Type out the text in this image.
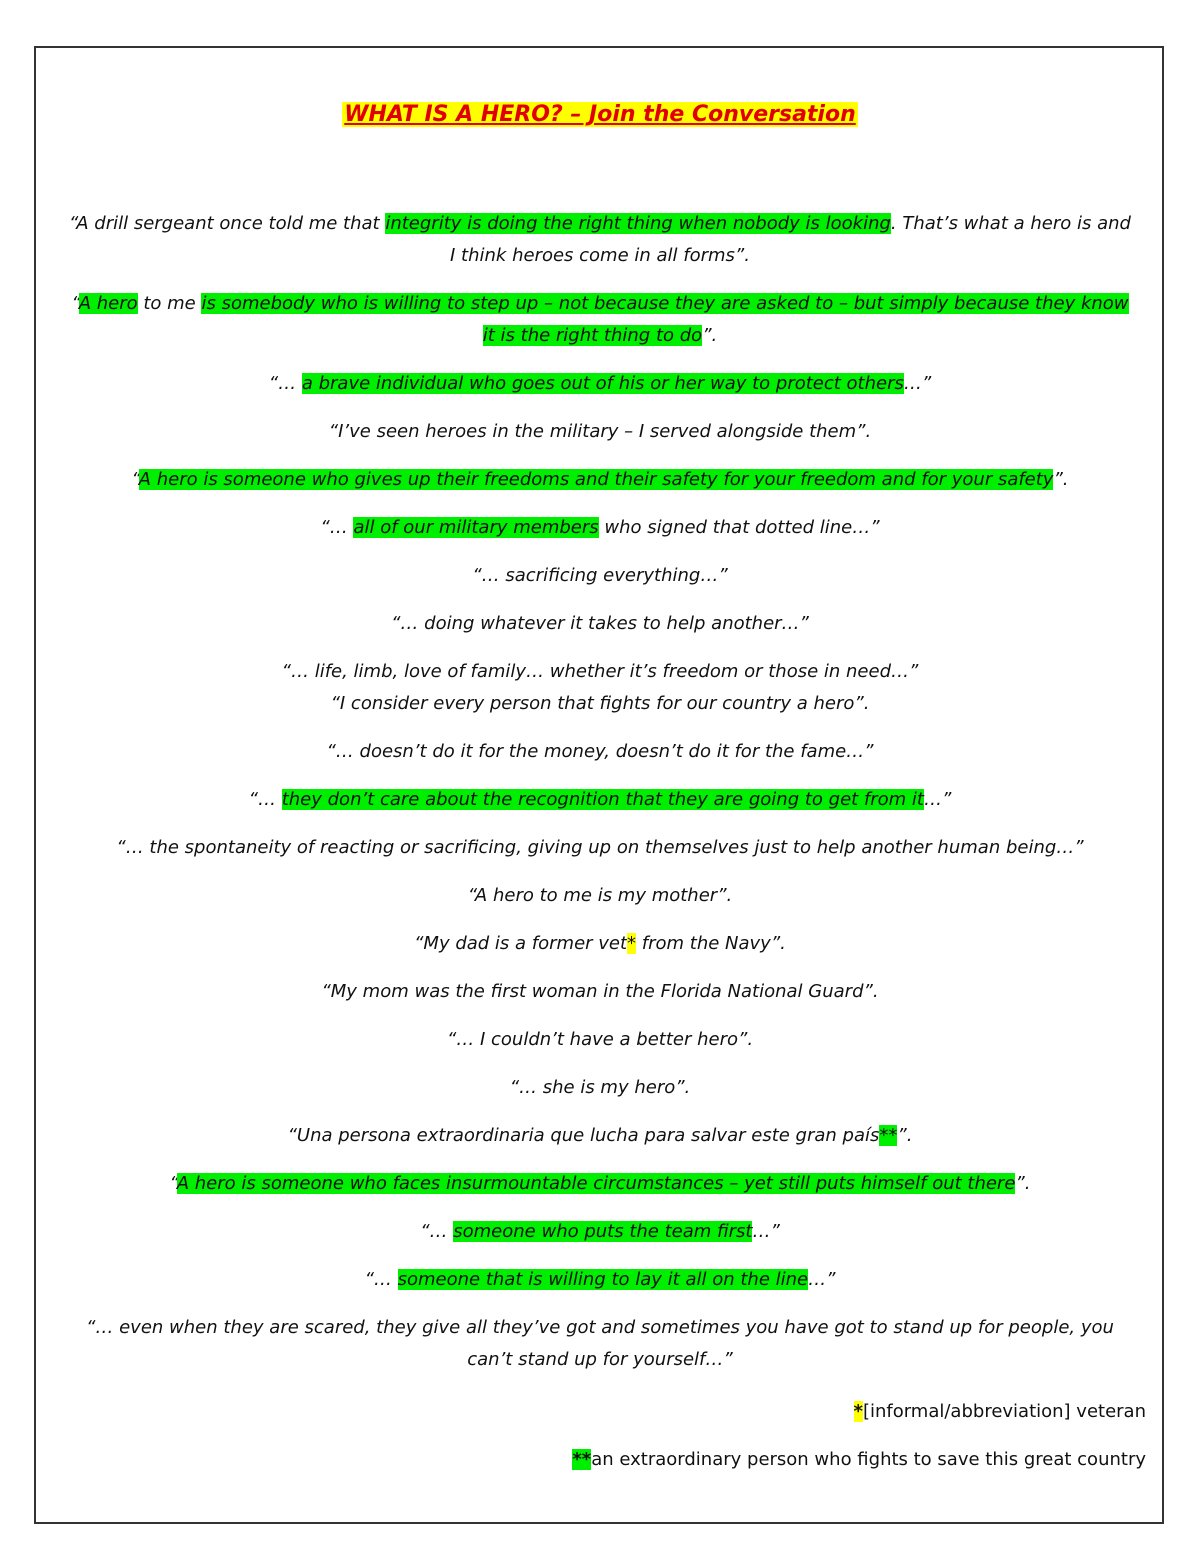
WHAT IS A HERO? – Join the Conversation
“A drill sergeant once told me that integrity is doing the right thing when nobody is looking. That’s what a hero is and I think heroes come in all forms”.
“A hero to me is somebody who is willing to step up – not because they are asked to – but simply because they know it is the right thing to do”.
“… a brave individual who goes out of his or her way to protect others…”
“I’ve seen heroes in the military – I served alongside them”.
“A hero is someone who gives up their freedoms and their safety for your freedom and for your safety”.
“… all of our military members who signed that dotted line…”
“… sacrificing everything…”
“… doing whatever it takes to help another…”
“… life, limb, love of family… whether it’s freedom or those in need…”
“I consider every person that fights for our country a hero”.
“… doesn’t do it for the money, doesn’t do it for the fame…”
“… they don’t care about the recognition that they are going to get from it…”
“… the spontaneity of reacting or sacrificing, giving up on themselves just to help another human being…”
“A hero to me is my mother”.
“My dad is a former vet* from the Navy”.
“My mom was the first woman in the Florida National Guard”.
“… I couldn’t have a better hero”.
“… she is my hero”.
“Una persona extraordinaria que lucha para salvar este gran país**”.
“A hero is someone who faces insurmountable circumstances – yet still puts himself out there”.
“… someone who puts the team first…”
“… someone that is willing to lay it all on the line…”
“… even when they are scared, they give all they’ve got and sometimes you have got to stand up for people, you can’t stand up for yourself…”
*[informal/abbreviation] veteran
**an extraordinary person who fights to save this great country
